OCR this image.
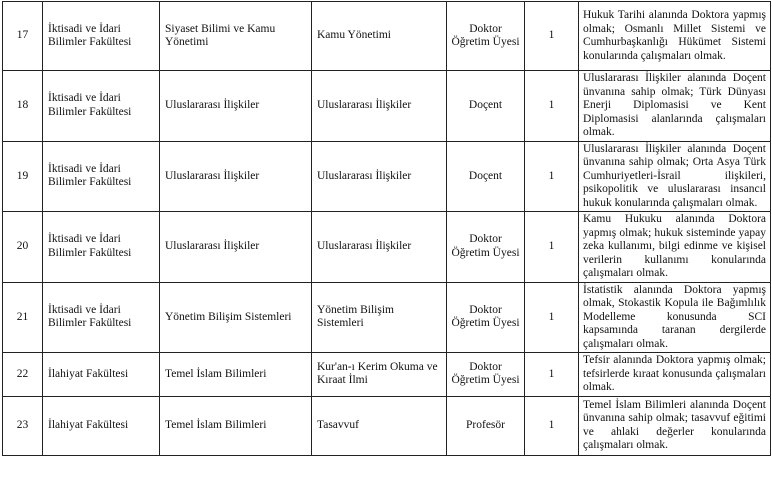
17	İktisadi ve İdari Bilimler Fakültesi	Siyaset Bilimi ve Kamu Yönetimi	Kamu Yönetimi	Doktor Öğretim Üyesi	1	Hukuk Tarihi alanında Doktora yapmış olmak; Osmanlı Millet Sistemi ve Cumhurbaşkanlığı Hükümet Sistemi konularında çalışmaları olmak.
18	İktisadi ve İdari Bilimler Fakültesi	Uluslararası İlişkiler	Uluslararası İlişkiler	Doçent	1	Uluslararası İlişkiler alanında Doçent ünvanına sahip olmak; Türk Dünyası Enerji Diplomasisi ve Kent Diplomasisi alanlarında çalışmaları olmak.
19	İktisadi ve İdari Bilimler Fakültesi	Uluslararası İlişkiler	Uluslararası İlişkiler	Doçent	1	Uluslararası İlişkiler alanında Doçent ünvanına sahip olmak; Orta Asya Türk Cumhuriyetleri-İsrail ilişkileri, psikopolitik ve uluslararası insancıl hukuk konularında çalışmaları olmak.
20	İktisadi ve İdari Bilimler Fakültesi	Uluslararası İlişkiler	Uluslararası İlişkiler	Doktor Öğretim Üyesi	1	Kamu Hukuku alanında Doktora yapmış olmak; hukuk sisteminde yapay zeka kullanımı, bilgi edinme ve kişisel verilerin kullanımı konularında çalışmaları olmak.
21	İktisadi ve İdari Bilimler Fakültesi	Yönetim Bilişim Sistemleri	Yönetim Bilişim Sistemleri	Doktor Öğretim Üyesi	1	İstatistik alanında Doktora yapmış olmak, Stokastik Kopula ile Bağımlılık Modelleme konusunda SCI kapsamında taranan dergilerde çalışmaları olmak.
22	İlahiyat Fakültesi	Temel İslam Bilimleri	Kur'an-ı Kerim Okuma ve Kıraat İlmi	Doktor Öğretim Üyesi	1	Tefsir alanında Doktora yapmış olmak; tefsirlerde kıraat konusunda çalışmaları olmak.
23	İlahiyat Fakültesi	Temel İslam Bilimleri	Tasavvuf	Profesör	1	Temel İslam Bilimleri alanında Doçent ünvanına sahip olmak; tasavvuf eğitimi ve ahlaki değerler konularında çalışmaları olmak.
